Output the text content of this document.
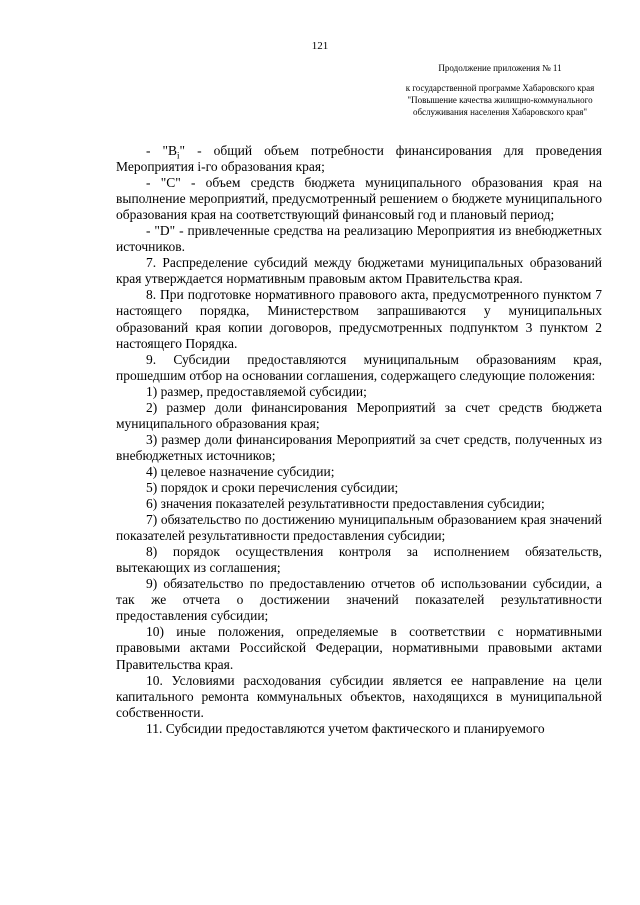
121
Продолжение приложения № 11
к государственной программе Хабаровского края "Повышение качества жилищно-коммунального обслуживания населения Хабаровского края"

- "$B_i$" - общий объем потребности финансирования для проведения Мероприятия i-го образования края;

- "C" - объем средств бюджета муниципального образования края на выполнение мероприятий, предусмотренный решением о бюджете муниципального образования края на соответствующий финансовый год и плановый период;

- "D" - привлеченные средства на реализацию Мероприятия из внебюджетных источников.

7. Распределение субсидий между бюджетами муниципальных образований края утверждается нормативным правовым актом Правительства края.

8. При подготовке нормативного правового акта, предусмотренного пунктом 7 настоящего порядка, Министерством запрашиваются у муниципальных образований края копии договоров, предусмотренных подпунктом 3 пунктом 2 настоящего Порядка.

9. Субсидии предоставляются муниципальным образованиям края, прошедшим отбор на основании соглашения, содержащего следующие положения:

1) размер, предоставляемой субсидии;

2) размер доли финансирования Мероприятий за счет средств бюджета муниципального образования края;

3) размер доли финансирования Мероприятий за счет средств, полученных из внебюджетных источников;

4) целевое назначение субсидии;

5) порядок и сроки перечисления субсидии;

6) значения показателей результативности предоставления субсидии;

7) обязательство по достижению муниципальным образованием края значений показателей результативности предоставления субсидии;

8) порядок осуществления контроля за исполнением обязательств, вытекающих из соглашения;

9) обязательство по предоставлению отчетов об использовании субсидии, а так же отчета о достижении значений показателей результативности предоставления субсидии;

10) иные положения, определяемые в соответствии с нормативными правовыми актами Российской Федерации, нормативными правовыми актами Правительства края.

10. Условиями расходования субсидии является ее направление на цели капитального ремонта коммунальных объектов, находящихся в муниципальной собственности.

11. Субсидии предоставляются учетом фактического и планируемого
